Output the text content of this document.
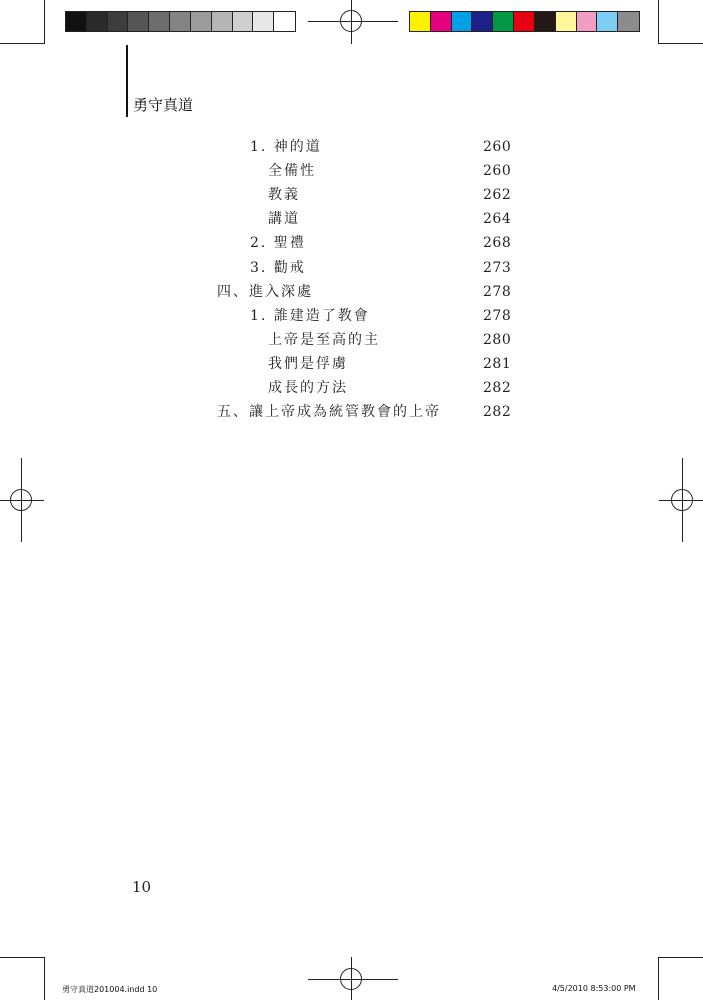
勇守真道
1. 神的道	260
全備性	260
教義	262
講道	264
2. 聖禮	268
3. 勸戒	273
四、進入深處	278
1. 誰建造了教會	278
上帝是至高的主	280
我們是俘虜	281
成長的方法	282
五、讓上帝成為統管教會的上帝	282
10
勇守真道201004.indd 10	4/5/2010 8:53:00 PM
